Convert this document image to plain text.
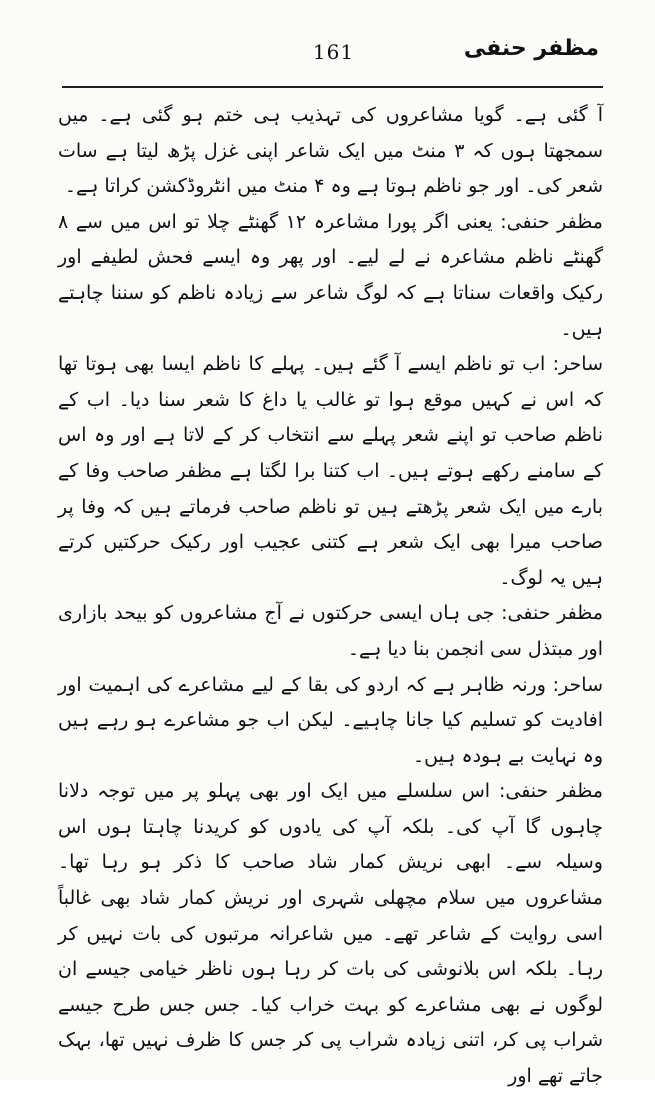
161	مظفر حنفی

آ گئی ہے۔ گویا مشاعروں کی تہذیب ہی ختم ہو گئی ہے۔ میں سمجھتا ہوں کہ ۳ منٹ میں ایک شاعر اپنی غزل پڑھ لیتا ہے سات شعر کی۔ اور جو ناظم ہوتا ہے وہ ۴ منٹ میں انٹروڈکشن کراتا ہے۔

مظفر حنفی: یعنی اگر پورا مشاعرہ ۱۲ گھنٹے چلا تو اس میں سے ۸ گھنٹے ناظم مشاعرہ نے لے لیے۔ اور پھر وہ ایسے فحش لطیفے اور رکیک واقعات سناتا ہے کہ لوگ شاعر سے زیادہ ناظم کو سننا چاہتے ہیں۔

ساحر: اب تو ناظم ایسے آ گئے ہیں۔ پہلے کا ناظم ایسا بھی ہوتا تھا کہ اس نے کہیں موقع ہوا تو غالب یا داغ کا شعر سنا دیا۔ اب کے ناظم صاحب تو اپنے شعر پہلے سے انتخاب کر کے لاتا ہے اور وہ اس کے سامنے رکھے ہوتے ہیں۔ اب کتنا برا لگتا ہے مظفر صاحب وفا کے بارے میں ایک شعر پڑھتے ہیں تو ناظم صاحب فرماتے ہیں کہ وفا پر صاحب میرا بھی ایک شعر ہے کتنی عجیب اور رکیک حرکتیں کرتے ہیں یہ لوگ۔

مظفر حنفی: جی ہاں ایسی حرکتوں نے آج مشاعروں کو بیحد بازاری اور مبتذل سی انجمن بنا دیا ہے۔

ساحر: ورنہ ظاہر ہے کہ اردو کی بقا کے لیے مشاعرے کی اہمیت اور افادیت کو تسلیم کیا جانا چاہیے۔ لیکن اب جو مشاعرے ہو رہے ہیں وہ نہایت بے ہودہ ہیں۔

مظفر حنفی: اس سلسلے میں ایک اور بھی پہلو پر میں توجہ دلانا چاہوں گا آپ کی۔ بلکہ آپ کی یادوں کو کریدنا چاہتا ہوں اس وسیلہ سے۔ ابھی نریش کمار شاد صاحب کا ذکر ہو رہا تھا۔ مشاعروں میں سلام مچھلی شہری اور نریش کمار شاد بھی غالباً اسی روایت کے شاعر تھے۔ میں شاعرانہ مرتبوں کی بات نہیں کر رہا۔ بلکہ اس بلانوشی کی بات کر رہا ہوں ناظر خیامی جیسے ان لوگوں نے بھی مشاعرے کو بہت خراب کیا۔ جس جس طرح جیسے شراب پی کر، اتنی زیادہ شراب پی کر جس کا ظرف نہیں تھا، بہک جاتے تھے اور
